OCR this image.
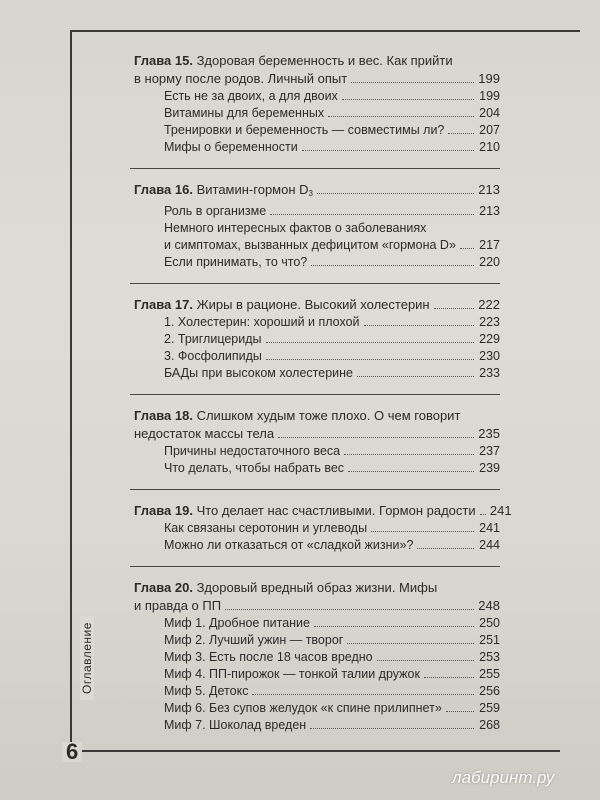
Оглавление
6
лабиринт.ру
Глава 15. Здоровая беременность и вес. Как прийти
в норму после родов. Личный опыт	199
Есть не за двоих, а для двоих	199
Витамины для беременных	204
Тренировки и беременность — совместимы ли?	207
Мифы о беременности	210
Глава 16. Витамин-гормон $D_3$	213
Роль в организме	213
Немного интересных фактов о заболеваниях
и симптомах, вызванных дефицитом «гормона D» 217
Если принимать, то что?	220
Глава 17. Жиры в рационе. Высокий холестерин	222
1. Холестерин: хороший и плохой	223
2. Триглицериды	229
3. Фосфолипиды	230
БАДы при высоком холестерине	233
Глава 18. Слишком худым тоже плохо. О чем говорит
недостаток массы тела	235
Причины недостаточного веса	237
Что делать, чтобы набрать вес	239
Глава 19. Что делает нас счастливыми. Гормон радости 241
Как связаны серотонин и углеводы	241
Можно ли отказаться от «сладкой жизни»?	244
Глава 20. Здоровый вредный образ жизни. Мифы
и правда о ПП	248
Миф 1. Дробное питание	250
Миф 2. Лучший ужин — творог	251
Миф 3. Есть после 18 часов вредно	253
Миф 4. ПП-пирожок — тонкой талии дружок	255
Миф 5. Детокс	256
Миф 6. Без супов желудок «к спине прилипнет»	259
Миф 7. Шоколад вреден	268
